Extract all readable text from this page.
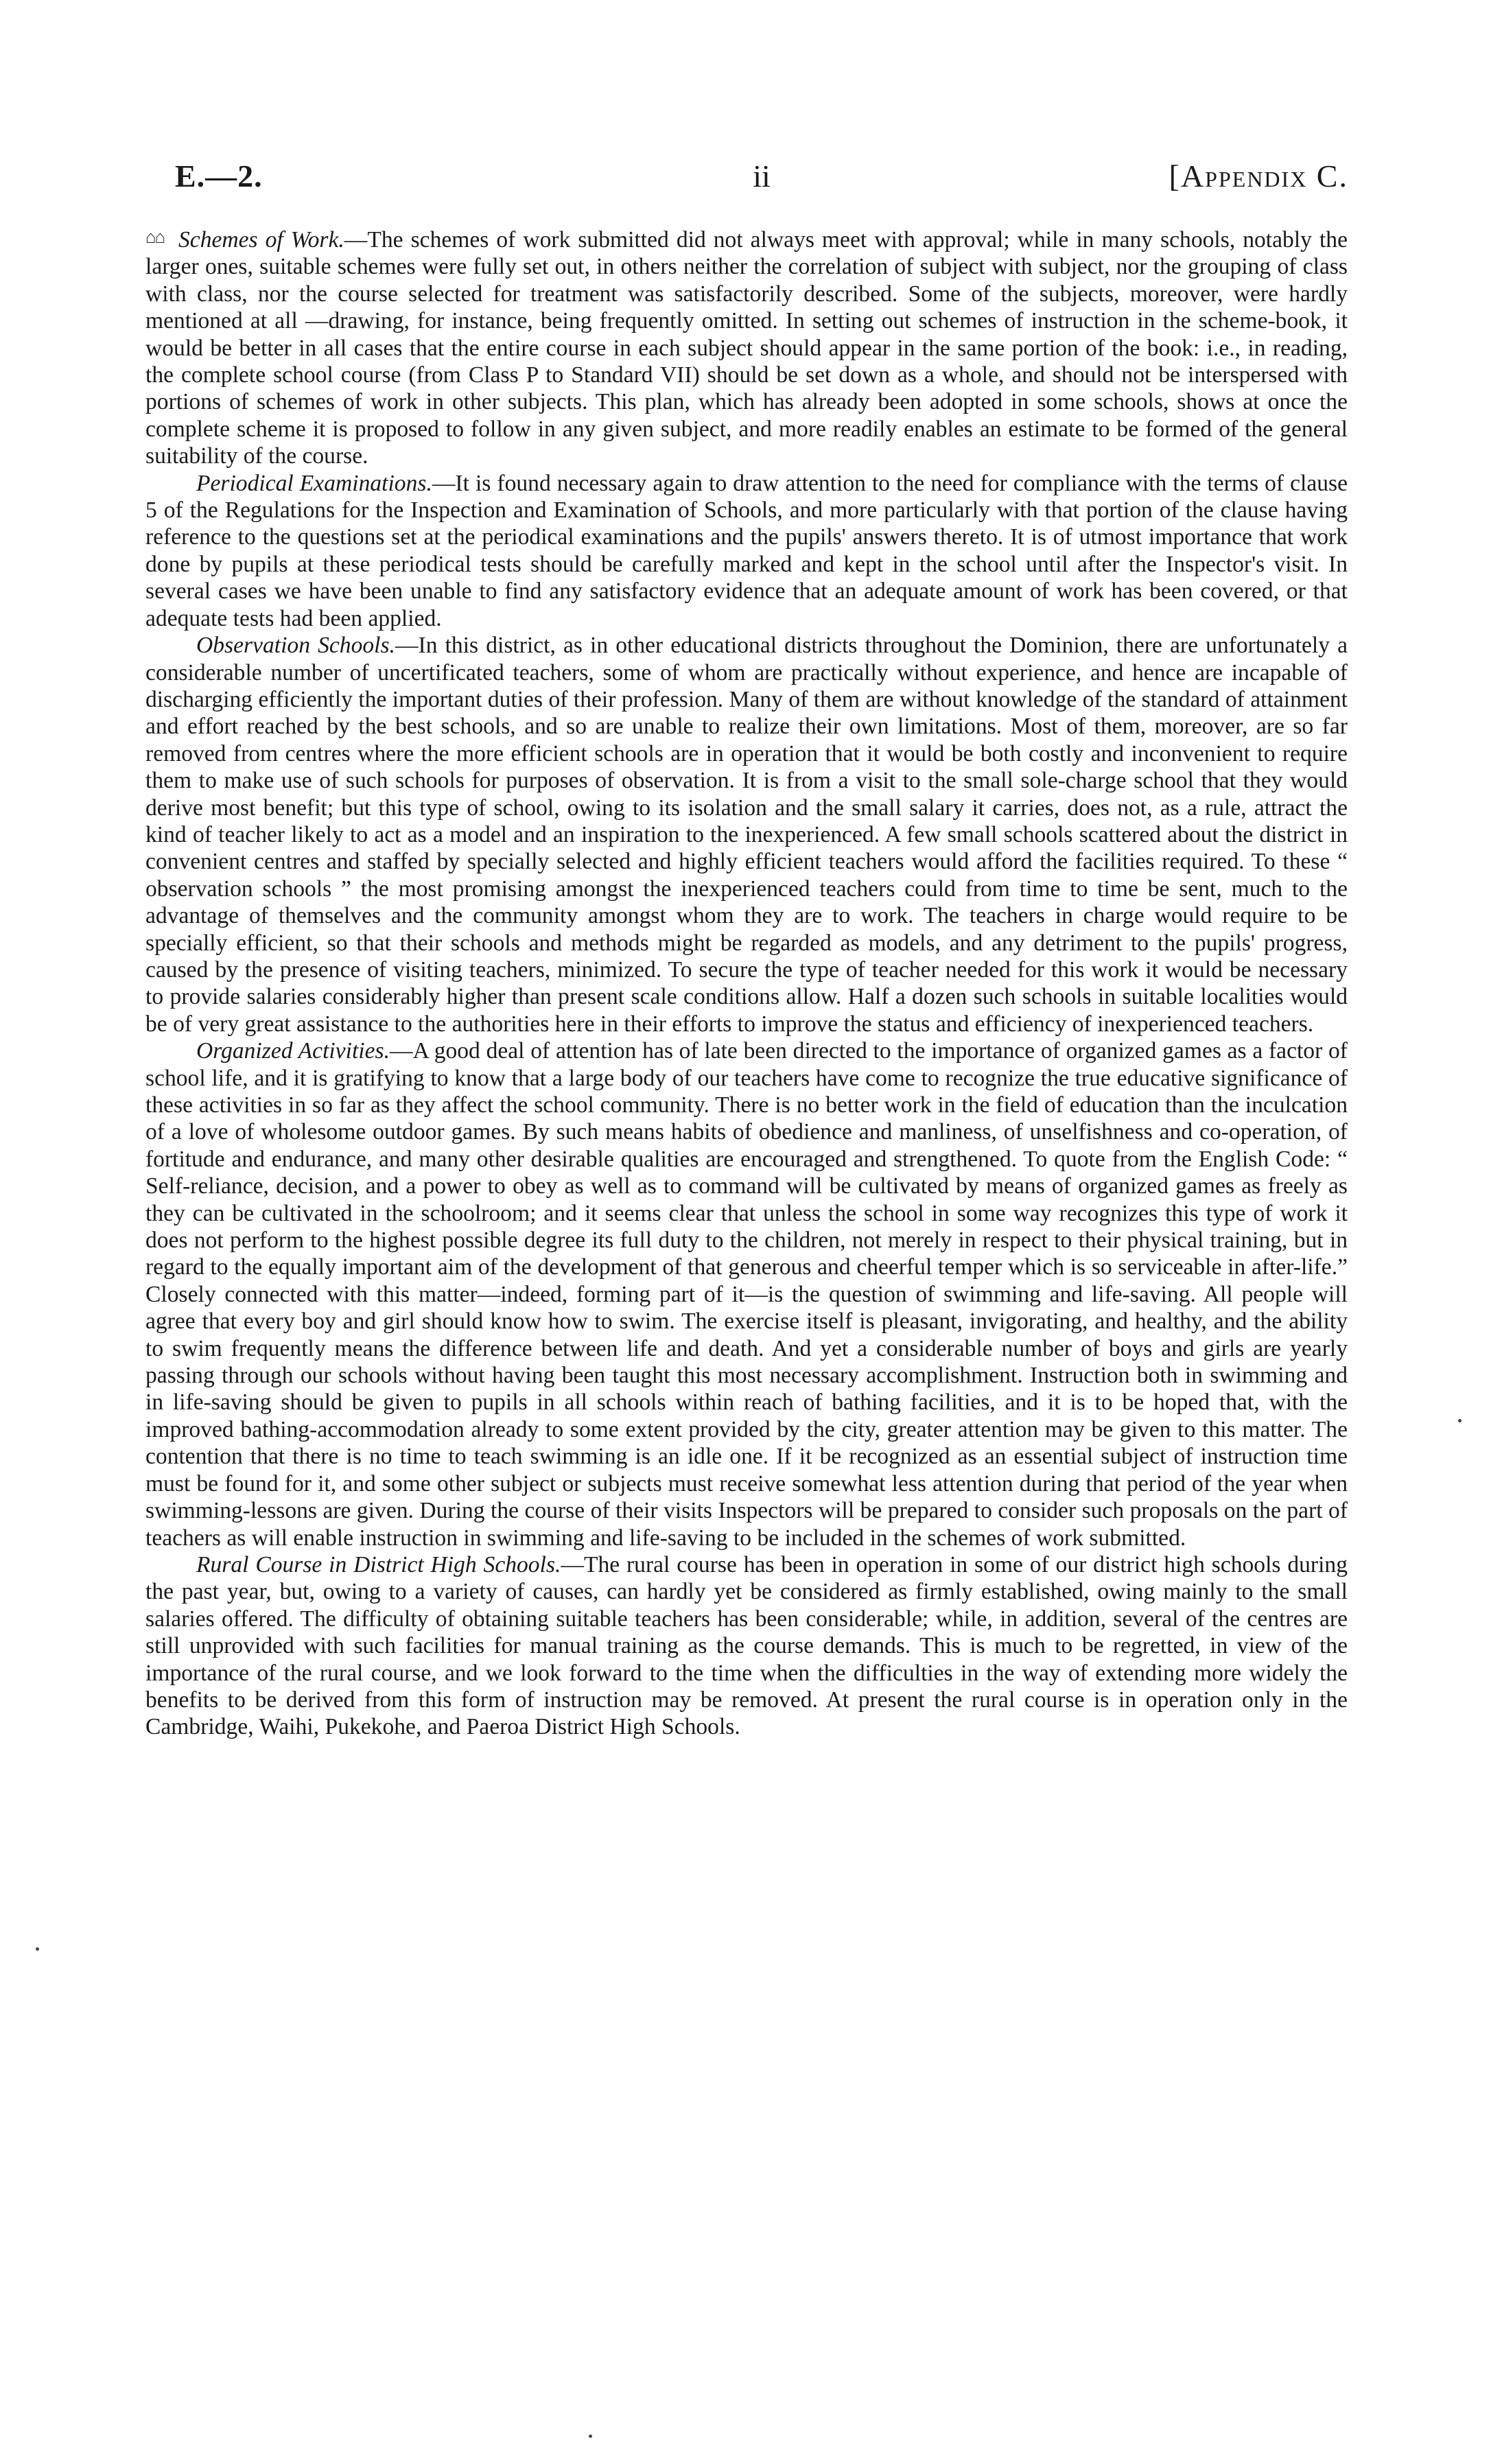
E.—2.	ii	[Appendix C.
⌂⌂ Schemes of Work.—The schemes of work submitted did not always meet with approval; while in many schools, notably the larger ones, suitable schemes were fully set out, in others neither the correlation of subject with subject, nor the grouping of class with class, nor the course selected for treatment was satisfactorily described. Some of the subjects, moreover, were hardly mentioned at all —drawing, for instance, being frequently omitted. In setting out schemes of instruction in the scheme-book, it would be better in all cases that the entire course in each subject should appear in the same portion of the book: i.e., in reading, the complete school course (from Class P to Standard VII) should be set down as a whole, and should not be interspersed with portions of schemes of work in other subjects. This plan, which has already been adopted in some schools, shows at once the complete scheme it is proposed to follow in any given subject, and more readily enables an estimate to be formed of the general suitability of the course.

Periodical Examinations.—It is found necessary again to draw attention to the need for compliance with the terms of clause 5 of the Regulations for the Inspection and Examination of Schools, and more particularly with that portion of the clause having reference to the questions set at the periodical examinations and the pupils' answers thereto. It is of utmost importance that work done by pupils at these periodical tests should be carefully marked and kept in the school until after the Inspector's visit. In several cases we have been unable to find any satisfactory evidence that an adequate amount of work has been covered, or that adequate tests had been applied.

Observation Schools.—In this district, as in other educational districts throughout the Dominion, there are unfortunately a considerable number of uncertificated teachers, some of whom are practically without experience, and hence are incapable of discharging efficiently the important duties of their profession. Many of them are without knowledge of the standard of attainment and effort reached by the best schools, and so are unable to realize their own limitations. Most of them, moreover, are so far removed from centres where the more efficient schools are in operation that it would be both costly and inconvenient to require them to make use of such schools for purposes of observation. It is from a visit to the small sole-charge school that they would derive most benefit; but this type of school, owing to its isolation and the small salary it carries, does not, as a rule, attract the kind of teacher likely to act as a model and an inspiration to the inexperienced. A few small schools scattered about the district in convenient centres and staffed by specially selected and highly efficient teachers would afford the facilities required. To these “ observation schools ” the most promising amongst the inexperienced teachers could from time to time be sent, much to the advantage of themselves and the community amongst whom they are to work. The teachers in charge would require to be specially efficient, so that their schools and methods might be regarded as models, and any detriment to the pupils' progress, caused by the presence of visiting teachers, minimized. To secure the type of teacher needed for this work it would be necessary to provide salaries considerably higher than present scale conditions allow. Half a dozen such schools in suitable localities would be of very great assistance to the authorities here in their efforts to improve the status and efficiency of inexperienced teachers.

Organized Activities.—A good deal of attention has of late been directed to the importance of organized games as a factor of school life, and it is gratifying to know that a large body of our teachers have come to recognize the true educative significance of these activities in so far as they affect the school community. There is no better work in the field of education than the inculcation of a love of wholesome outdoor games. By such means habits of obedience and manliness, of unselfishness and co-operation, of fortitude and endurance, and many other desirable qualities are encouraged and strengthened. To quote from the English Code: “ Self-reliance, decision, and a power to obey as well as to command will be cultivated by means of organized games as freely as they can be cultivated in the schoolroom; and it seems clear that unless the school in some way recognizes this type of work it does not perform to the highest possible degree its full duty to the children, not merely in respect to their physical training, but in regard to the equally important aim of the development of that generous and cheerful temper which is so serviceable in after-life.” Closely connected with this matter—indeed, forming part of it—is the question of swimming and life-saving. All people will agree that every boy and girl should know how to swim. The exercise itself is pleasant, invigorating, and healthy, and the ability to swim frequently means the difference between life and death. And yet a considerable number of boys and girls are yearly passing through our schools without having been taught this most necessary accomplishment. Instruction both in swimming and in life-saving should be given to pupils in all schools within reach of bathing facilities, and it is to be hoped that, with the improved bathing-accommodation already to some extent provided by the city, greater attention may be given to this matter. The contention that there is no time to teach swimming is an idle one. If it be recognized as an essential subject of instruction time must be found for it, and some other subject or subjects must receive somewhat less attention during that period of the year when swimming-lessons are given. During the course of their visits Inspectors will be prepared to consider such proposals on the part of teachers as will enable instruction in swimming and life-saving to be included in the schemes of work submitted.

Rural Course in District High Schools.—The rural course has been in operation in some of our district high schools during the past year, but, owing to a variety of causes, can hardly yet be considered as firmly established, owing mainly to the small salaries offered. The difficulty of obtaining suitable teachers has been considerable; while, in addition, several of the centres are still unprovided with such facilities for manual training as the course demands. This is much to be regretted, in view of the importance of the rural course, and we look forward to the time when the difficulties in the way of extending more widely the benefits to be derived from this form of instruction may be removed. At present the rural course is in operation only in the Cambridge, Waihi, Pukekohe, and Paeroa District High Schools.
